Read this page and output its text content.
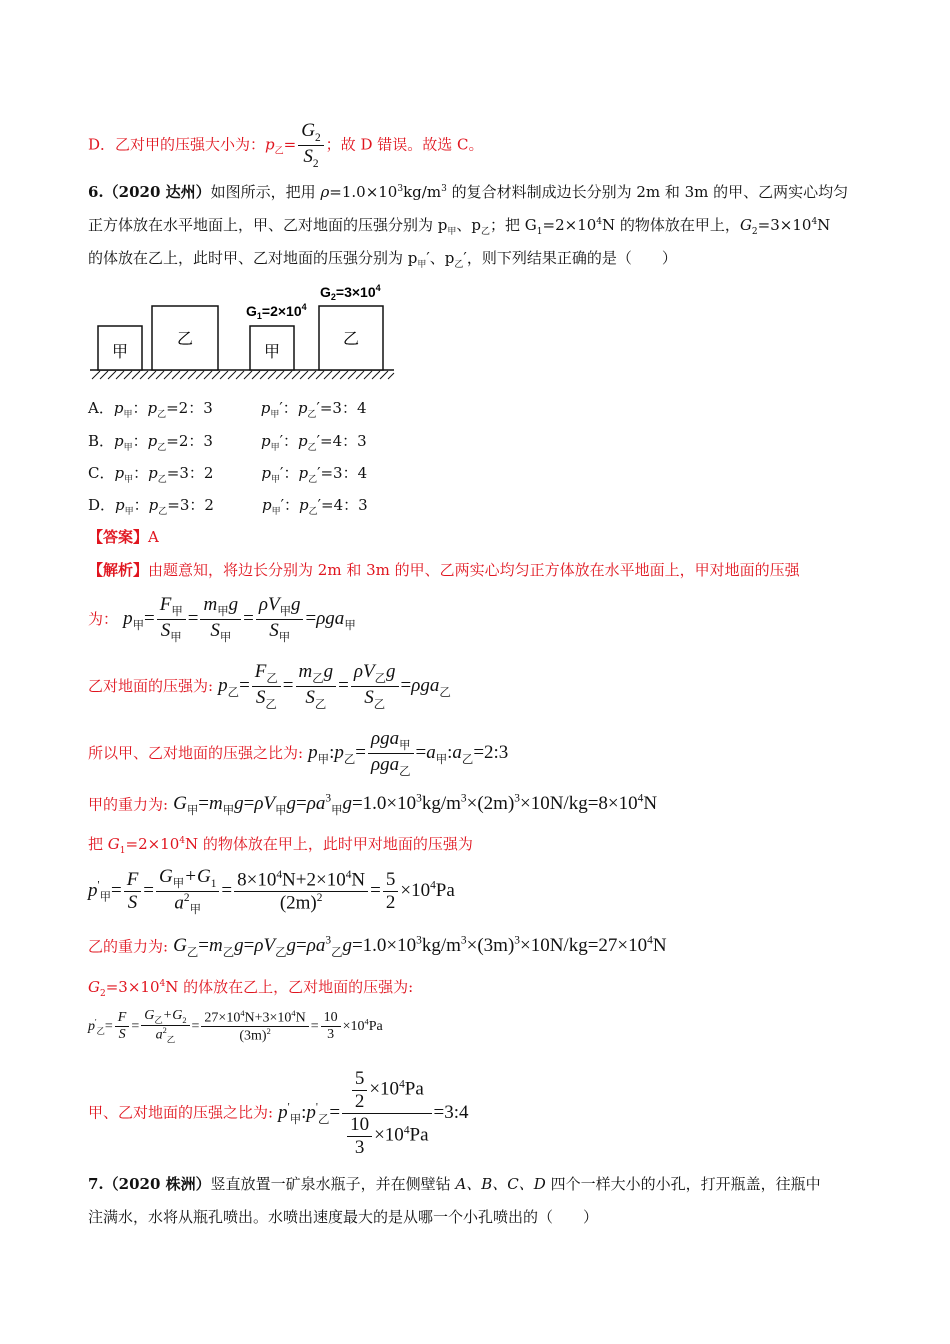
D．乙对甲的压强大小为：$p_乙= \frac{G_2}{S_2}$ ；故 D 错误。故选 C。
6.（2020 达州）如图所示，把用 $\rho=1.0\times 10^3kg/m^3$ 的复合材料制成边长分别为 2m 和 3m 的甲、乙两实心均匀
正方体放在水平地面上，甲、乙对地面的压强分别为 $p_甲$、$p_乙$；把 $G_1=2\times 10^4N$ 的物体放在甲上，$G_2=3\times 10^4N$
的体放在乙上，此时甲、乙对地面的压强分别为 $p_甲'$、$p_乙'$，则下列结果正确的是（　　）
甲
乙
甲
乙
$G_1=2\times 10^4$
$G_2=3\times 10^4$
A．$p_甲$：$p_乙=2$：3	$p_甲'$：$p_乙'=3$：4
B．$p_甲$：$p_乙=2$：3	$p_甲'$：$p_乙'=4$：3
C．$p_甲$：$p_乙=3$：2	$p_甲'$：$p_乙'=3$：4
D．$p_甲$：$p_乙=3$：2	$p_甲'$：$p_乙'=4$：3
【答案】A
【解析】由题意知，将边长分别为 2m 和 3m 的甲、乙两实心均匀正方体放在水平地面上，甲对地面的压强
为： $p_甲= \frac{F_甲}{S_甲} = \frac{m_甲g}{S_甲} = \frac{\rho V_甲g}{S_甲} =\rho ga_甲$
乙对地面的压强为: $p_乙= \frac{F_乙}{S_乙} = \frac{m_乙g}{S_乙} = \frac{\rho V_乙g}{S_乙} =\rho ga_乙$
所以甲、乙对地面的压强之比为: $p_甲:p_乙= \frac{\rho ga_甲}{\rho ga_乙}$ $=a_甲:a_乙=2:3$
甲的重力为: $G_甲=m_甲g=\rho V_甲g=\rho a^3_甲g=1.0\times 10^3kg/m^3\times(2m)^3\times 10N/kg=8\times 10^4N$
把 $G_1=2\times 10^4N$ 的物体放在甲上，此时甲对地面的压强为
$p'_甲= \frac{F}{S} = \frac{G_甲+G_1}{a^2_甲} = \frac{8\times 10^4N+2\times 10^4N}{(2m)^2} = \frac{5}{2} \times 10^4Pa$
乙的重力为: $G_乙=m_乙g=\rho V_乙g=\rho a^3_乙g=1.0\times 10^3kg/m^3\times(3m)^3\times 10N/kg=27\times 10^4N$
$G_2=3\times 10^4N$ 的体放在乙上，乙对地面的压强为:
$p'_乙= \frac{F}{S} = \frac{G_乙+G_2}{a^2_乙} = \frac{27\times 10^4N+3\times 10^4N}{(3m)^2} = \frac{10}{3} \times 10^4Pa$
甲、乙对地面的压强之比为: $p'_甲:p'_乙= \frac{\frac{5}{2} \times 10^4Pa}{\frac{10}{3} \times 10^4Pa}$ =3:4
7.（2020 株洲）竖直放置一矿泉水瓶子，并在侧壁钻 A、B、C、D 四个一样大小的小孔，打开瓶盖，往瓶中
注满水，水将从瓶孔喷出。水喷出速度最大的是从哪一个小孔喷出的（　　）
